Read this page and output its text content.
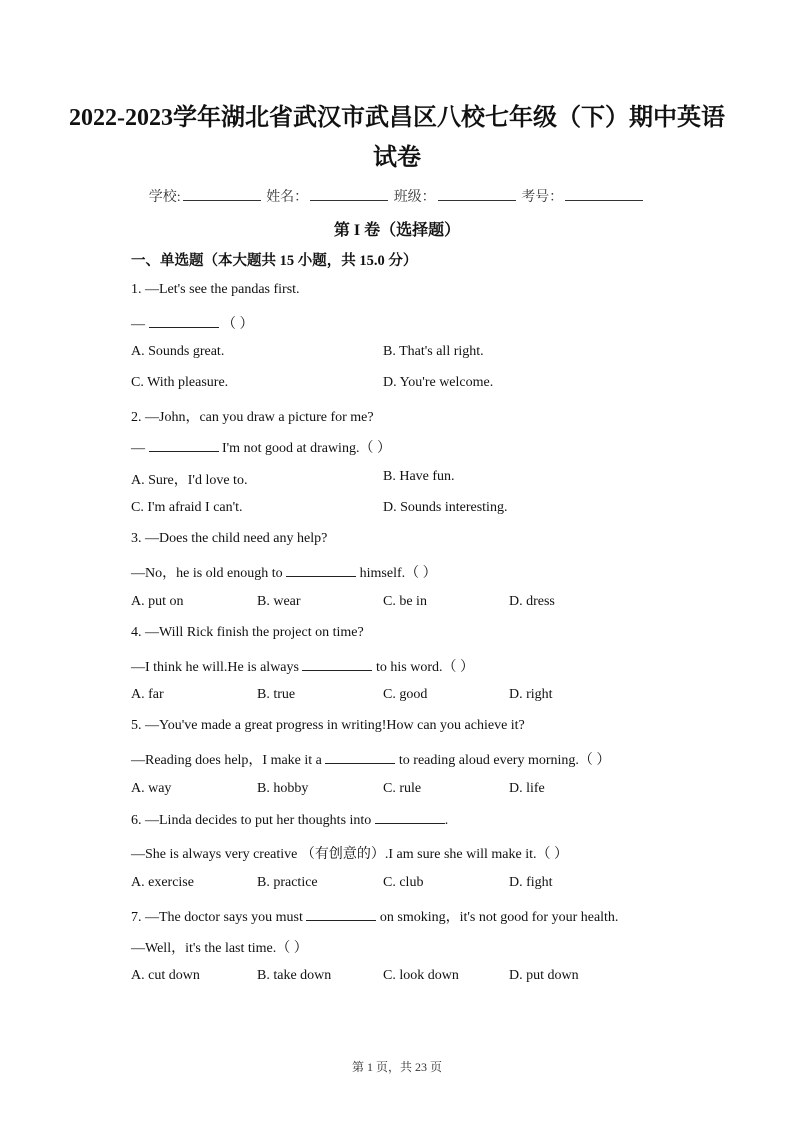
2022-2023学年湖北省武汉市武昌区八校七年级（下）期中英语
试卷
学校:	姓名：	班级：	考号：
第 I 卷（选择题）
一、单选题（本大题共 15 小题，共 15.0 分）
1. —Let's see the pandas first.
—	（ ）
A. Sounds great.	B. That's all right.
C. With pleasure.	D. You're welcome.
2. —John，can you draw a picture for me?
—	I'm not good at drawing.（ ）
A. Sure，I'd love to.	B. Have fun.
C. I'm afraid I can't.	D. Sounds interesting.
3. —Does the child need any help?
—No，he is old enough to	himself.（ ）
A. put on	B. wear	C. be in	D. dress
4. —Will Rick finish the project on time?
—I think he will.He is always	to his word.（ ）
A. far	B. true	C. good	D. right
5. —You've made a great progress in writing!How can you achieve it?
—Reading does help，I make it a	to reading aloud every morning.（ ）
A. way	B. hobby	C. rule	D. life
6. —Linda decides to put her thoughts into	.
—She is always very creative （有创意的）.I am sure she will make it.（ ）
A. exercise	B. practice	C. club	D. fight
7. —The doctor says you must	on smoking，it's not good for your health.
—Well，it's the last time.（ ）
A. cut down	B. take down	C. look down	D. put down
第 1 页，共 23 页
